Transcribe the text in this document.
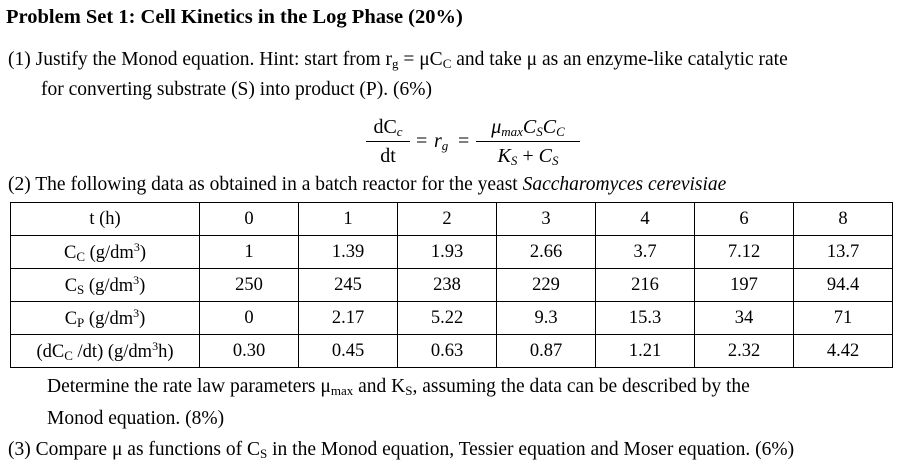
Problem Set 1: Cell Kinetics in the Log Phase (20%)
(1) Justify the Monod equation. Hint: start from $r_g = \mu C_C$ and take μ as an enzyme-like catalytic rate
for converting substrate (S) into product (P). (6%)
$dC_c$
dt
= $r_g$ =
$\mu_{max}C_SC_C$
$K_S + C_S$
(2) The following data as obtained in a batch reactor for the yeast Saccharomyces cerevisiae
t (h)	0	1	2	3	4	6	8
$C_C$ $(g/dm^3)$	1	1.39	1.93	2.66	3.7	7.12	13.7
$C_S$ $(g/dm^3)$	250	245	238	229	216	197	94.4
$C_P$ $(g/dm^3)$	0	2.17	5.22	9.3	15.3	34	71
($dC_C$ /dt) $(g/dm^3h)$	0.30	0.45	0.63	0.87	1.21	2.32	4.42
Determine the rate law parameters $\mu_{max}$ and $K_S$, assuming the data can be described by the
Monod equation. (8%)
(3) Compare μ as functions of $C_S$ in the Monod equation, Tessier equation and Moser equation. (6%)
